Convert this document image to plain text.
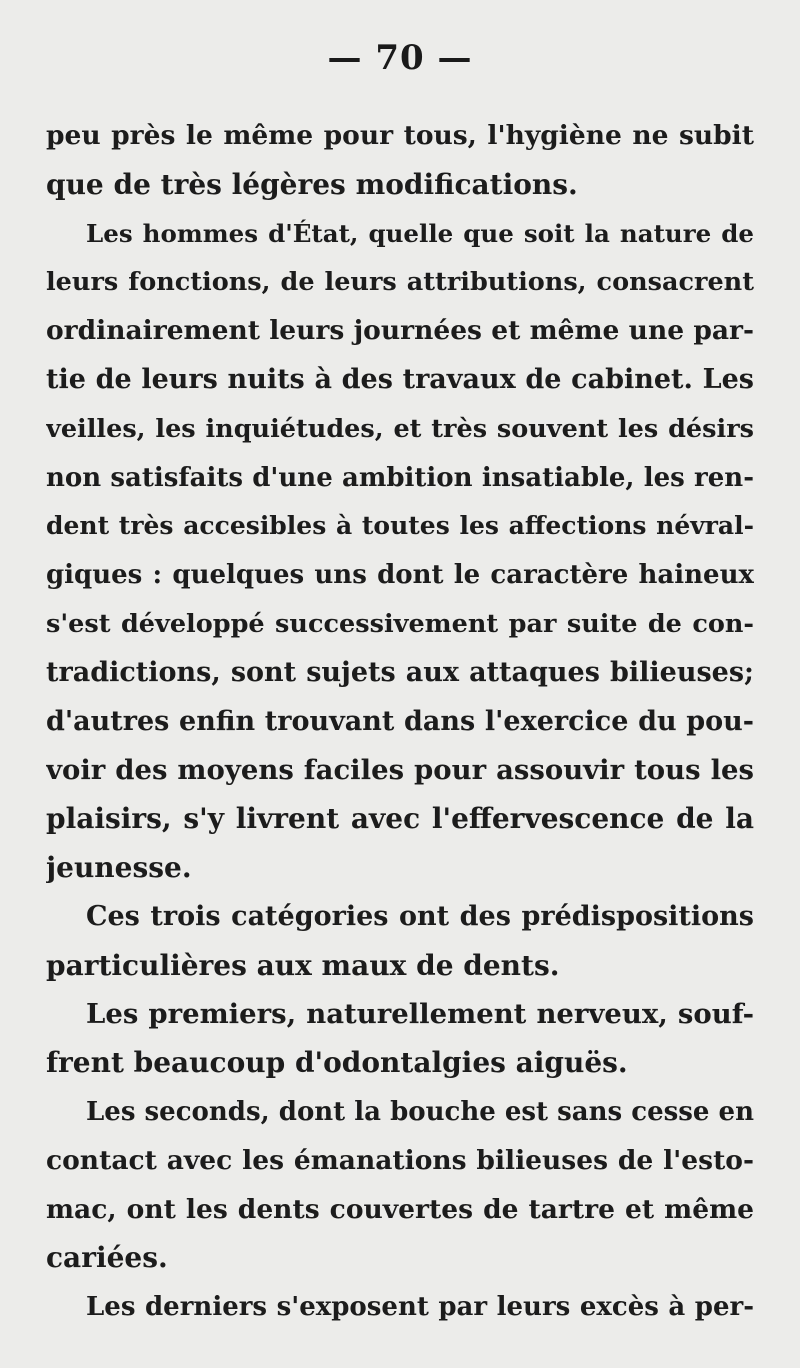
— 70 —
peu près le même pour tous, l'hygiène ne subit
que de très légères modifications.
Les hommes d'État, quelle que soit la nature de
leurs fonctions, de leurs attributions, consacrent
ordinairement leurs journées et même une par-
tie de leurs nuits à des travaux de cabinet. Les
veilles, les inquiétudes, et très souvent les désirs
non satisfaits d'une ambition insatiable, les ren-
dent très accesibles à toutes les affections névral-
giques : quelques uns dont le caractère haineux
s'est développé successivement par suite de con-
tradictions, sont sujets aux attaques bilieuses;
d'autres enfin trouvant dans l'exercice du pou-
voir des moyens faciles pour assouvir tous les
plaisirs, s'y livrent avec l'effervescence de la
jeunesse.
Ces trois catégories ont des prédispositions
particulières aux maux de dents.
Les premiers, naturellement nerveux, souf-
frent beaucoup d'odontalgies aiguës.
Les seconds, dont la bouche est sans cesse en
contact avec les émanations bilieuses de l'esto-
mac, ont les dents couvertes de tartre et même
cariées.
Les derniers s'exposent par leurs excès à per-
